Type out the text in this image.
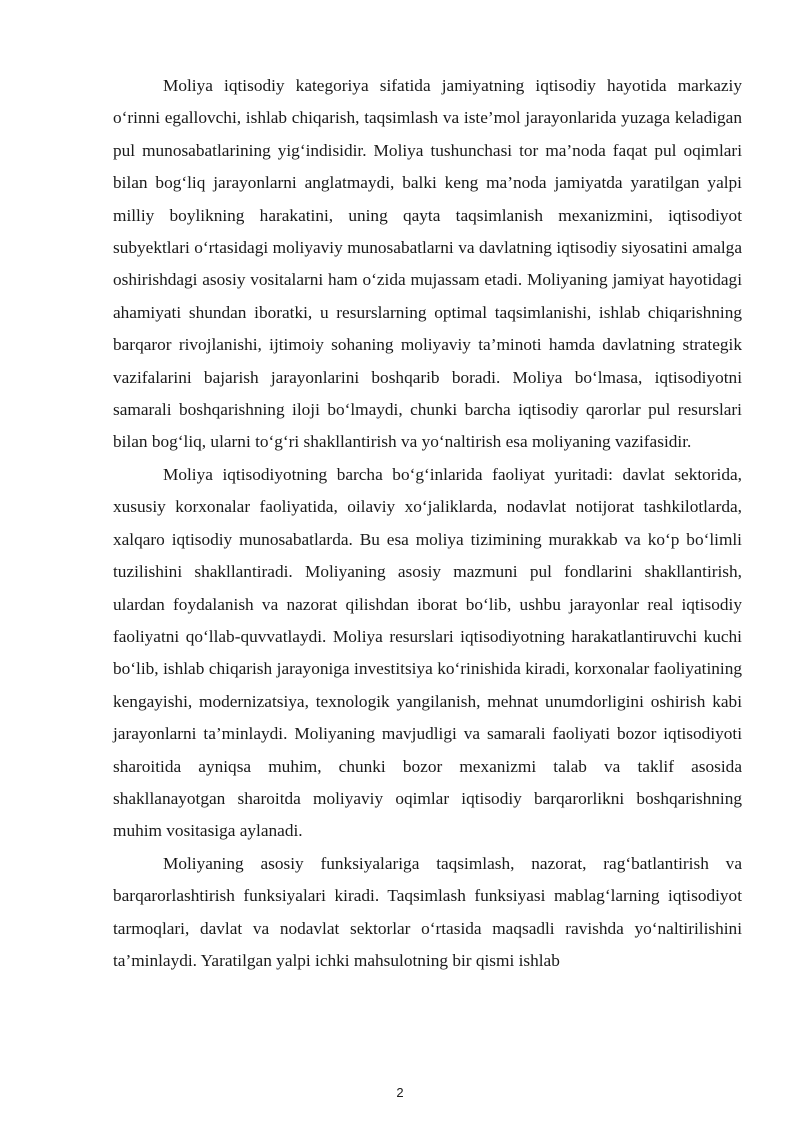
Moliya iqtisodiy kategoriya sifatida jamiyatning iqtisodiy hayotida markaziy o‘rinni egallovchi, ishlab chiqarish, taqsimlash va iste’mol jarayonlarida yuzaga keladigan pul munosabatlarining yig‘indisidir. Moliya tushunchasi tor ma’noda faqat pul oqimlari bilan bog‘liq jarayonlarni anglatmaydi, balki keng ma’noda jamiyatda yaratilgan yalpi milliy boylikning harakatini, uning qayta taqsimlanish mexanizmini, iqtisodiyot subyektlari o‘rtasidagi moliyaviy munosabatlarni va davlatning iqtisodiy siyosatini amalga oshirishdagi asosiy vositalarni ham o‘zida mujassam etadi. Moliyaning jamiyat hayotidagi ahamiyati shundan iboratki, u resurslarning optimal taqsimlanishi, ishlab chiqarishning barqaror rivojlanishi, ijtimoiy sohaning moliyaviy ta’minoti hamda davlatning strategik vazifalarini bajarish jarayonlarini boshqarib boradi. Moliya bo‘lmasa, iqtisodiyotni samarali boshqarishning iloji bo‘lmaydi, chunki barcha iqtisodiy qarorlar pul resurslari bilan bog‘liq, ularni to‘g‘ri shakllantirish va yo‘naltirish esa moliyaning vazifasidir.

Moliya iqtisodiyotning barcha bo‘g‘inlarida faoliyat yuritadi: davlat sektorida, xususiy korxonalar faoliyatida, oilaviy xo‘jaliklarda, nodavlat notijorat tashkilotlarda, xalqaro iqtisodiy munosabatlarda. Bu esa moliya tizimining murakkab va ko‘p bo‘limli tuzilishini shakllantiradi. Moliyaning asosiy mazmuni pul fondlarini shakllantirish, ulardan foydalanish va nazorat qilishdan iborat bo‘lib, ushbu jarayonlar real iqtisodiy faoliyatni qo‘llab-quvvatlaydi. Moliya resurslari iqtisodiyotning harakatlantiruvchi kuchi bo‘lib, ishlab chiqarish jarayoniga investitsiya ko‘rinishida kiradi, korxonalar faoliyatining kengayishi, modernizatsiya, texnologik yangilanish, mehnat unumdorligini oshirish kabi jarayonlarni ta’minlaydi. Moliyaning mavjudligi va samarali faoliyati bozor iqtisodiyoti sharoitida ayniqsa muhim, chunki bozor mexanizmi talab va taklif asosida shakllanayotgan sharoitda moliyaviy oqimlar iqtisodiy barqarorlikni boshqarishning muhim vositasiga aylanadi.

Moliyaning asosiy funksiyalariga taqsimlash, nazorat, rag‘batlantirish va barqarorlashtirish funksiyalari kiradi. Taqsimlash funksiyasi mablag‘larning iqtisodiyot tarmoqlari, davlat va nodavlat sektorlar o‘rtasida maqsadli ravishda yo‘naltirilishini ta’minlaydi. Yaratilgan yalpi ichki mahsulotning bir qismi ishlab

2
